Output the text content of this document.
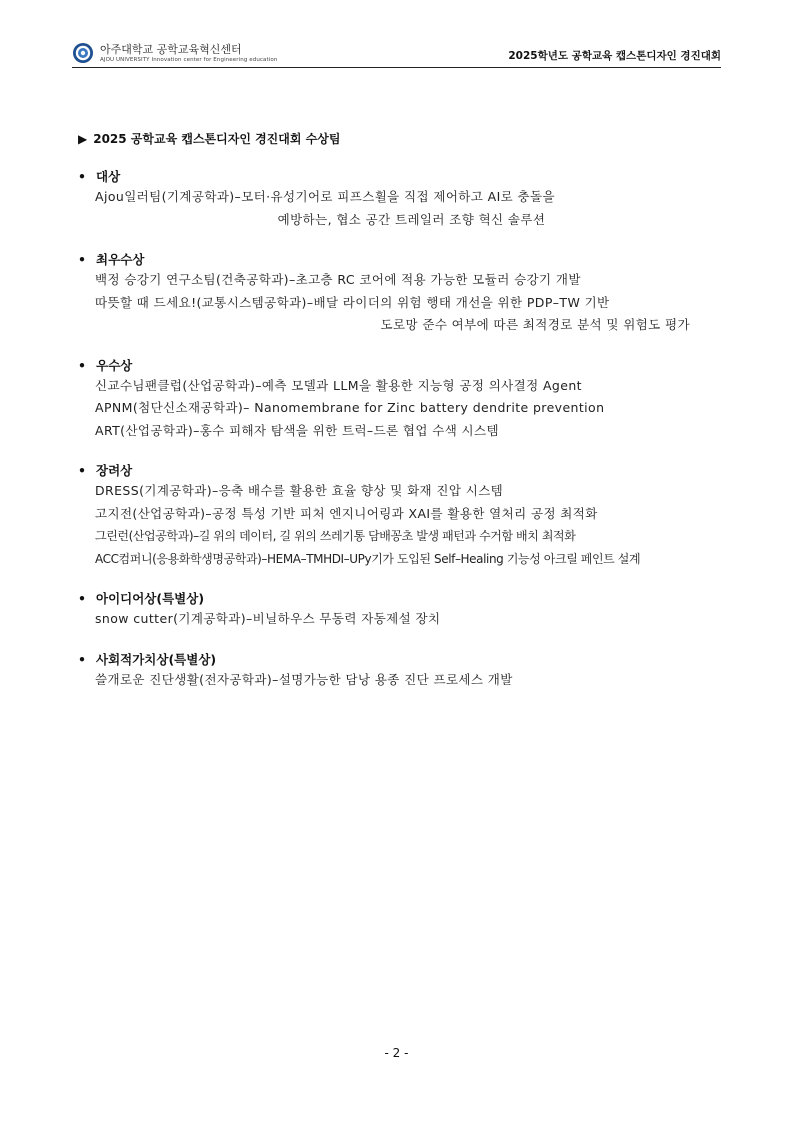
아주대학교 공학교육혁신센터
AJOU UNIVERSITY Innovation center for Engineering education	2025학년도 공학교육 캡스톤디자인 경진대회
▶ 2025 공학교육 캡스톤디자인 경진대회 수상팀
• 대상
Ajou일러팀(기계공학과)–모터·유성기어로 피프스휠을 직접 제어하고 AI로 충돌을
예방하는, 협소 공간 트레일러 조향 혁신 솔루션
• 최우수상
백정 승강기 연구소팀(건축공학과)–초고층 RC 코어에 적용 가능한 모듈러 승강기 개발
따뜻할 때 드세요!(교통시스템공학과)–배달 라이더의 위험 행태 개선을 위한 PDP–TW 기반
도로망 준수 여부에 따른 최적경로 분석 및 위험도 평가
• 우수상
신교수님팬클럽(산업공학과)–예측 모델과 LLM을 활용한 지능형 공정 의사결정 Agent
APNM(첨단신소재공학과)– Nanomembrane for Zinc battery dendrite prevention
ART(산업공학과)–홍수 피해자 탐색을 위한 트럭–드론 협업 수색 시스템
• 장려상
DRESS(기계공학과)–응축 배수를 활용한 효율 향상 및 화재 진압 시스템
고지전(산업공학과)–공정 특성 기반 피처 엔지니어링과 XAI를 활용한 열처리 공정 최적화
그린런(산업공학과)–길 위의 데이터, 길 위의 쓰레기통 담배꽁초 발생 패턴과 수거함 배치 최적화
ACC컴퍼니(응용화학생명공학과)–HEMA–TMHDI–UPy기가 도입된 Self–Healing 기능성 아크릴 페인트 설계
• 아이디어상(특별상)
snow cutter(기계공학과)–비닐하우스 무동력 자동제설 장치
• 사회적가치상(특별상)
쓸개로운 진단생활(전자공학과)–설명가능한 담낭 용종 진단 프로세스 개발
- 2 -
